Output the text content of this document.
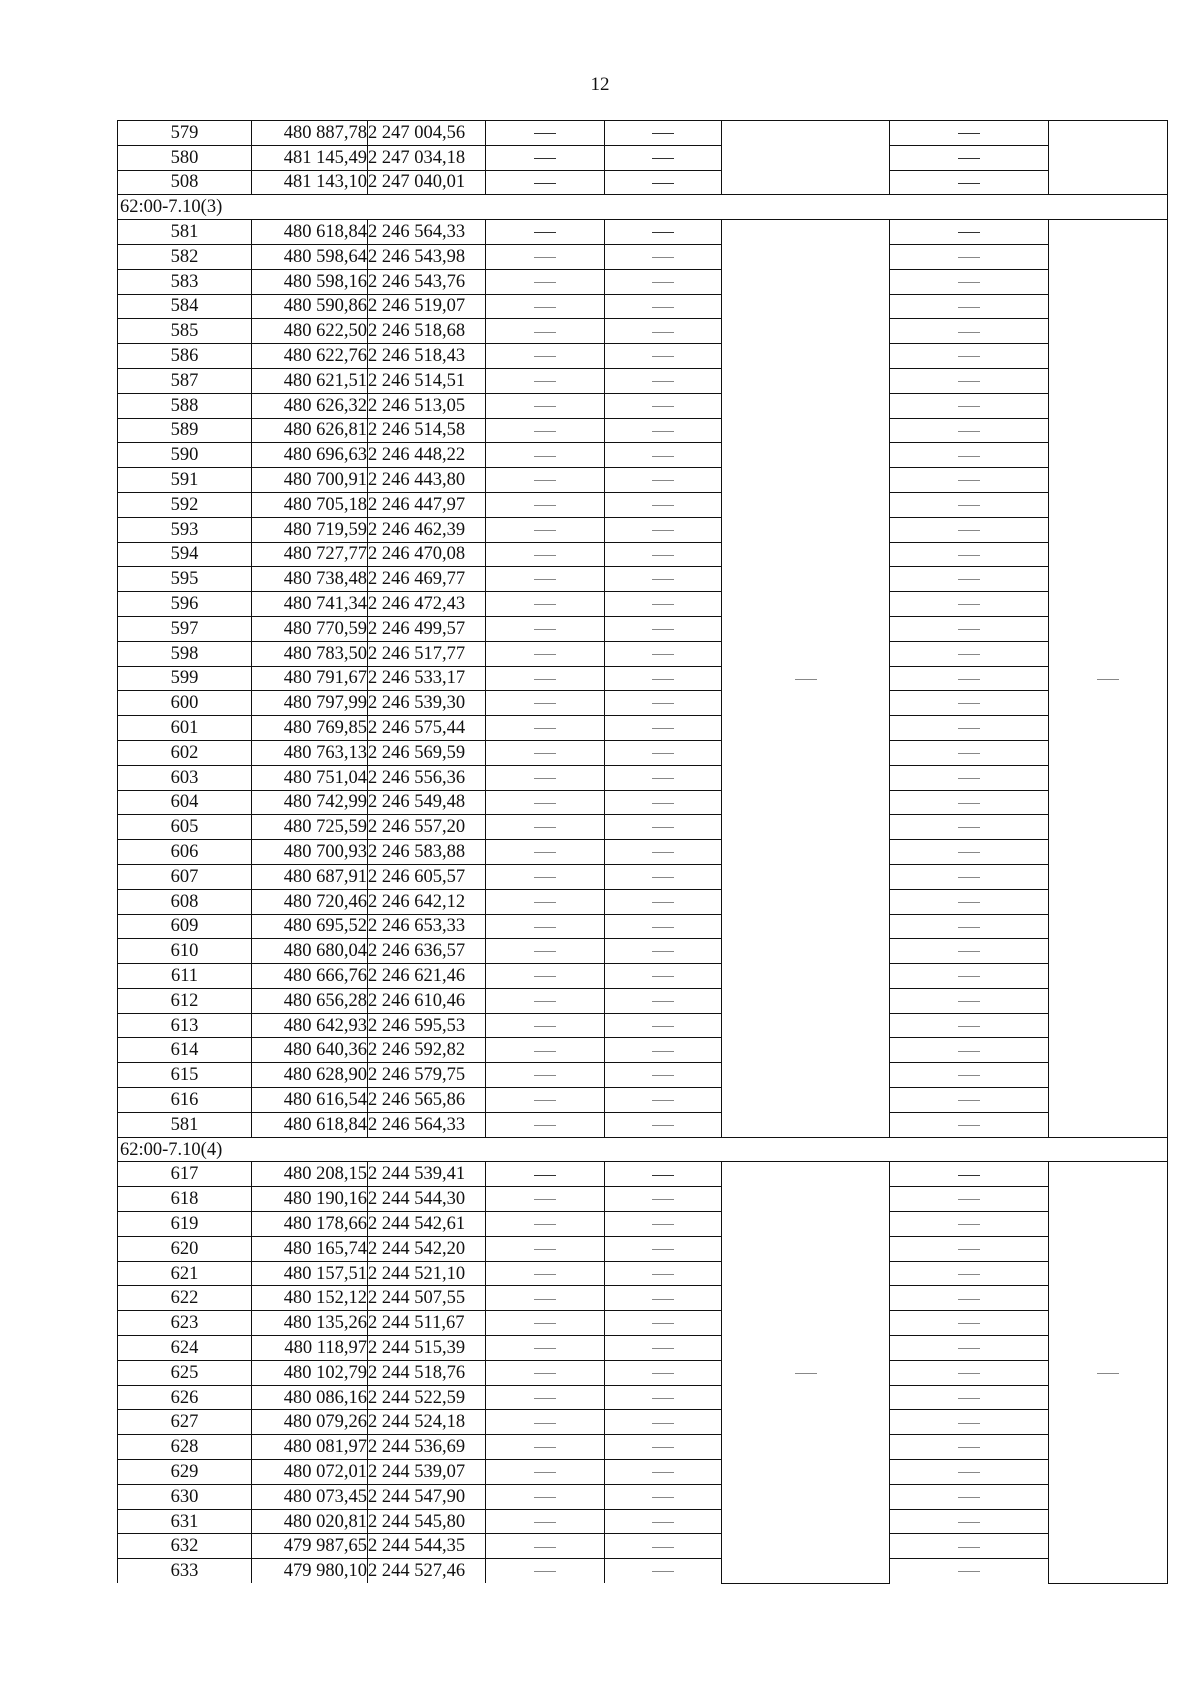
12
579	480 887,78	2 247 004,56					
580	481 145,49	2 247 034,18					
508	481 143,10	2 247 040,01					
62:00-7.10(3)							
581	480 618,84	2 246 564,33					
582	480 598,64	2 246 543,98					
583	480 598,16	2 246 543,76					
584	480 590,86	2 246 519,07					
585	480 622,50	2 246 518,68					
586	480 622,76	2 246 518,43					
587	480 621,51	2 246 514,51					
588	480 626,32	2 246 513,05					
589	480 626,81	2 246 514,58					
590	480 696,63	2 246 448,22					
591	480 700,91	2 246 443,80					
592	480 705,18	2 246 447,97					
593	480 719,59	2 246 462,39					
594	480 727,77	2 246 470,08					
595	480 738,48	2 246 469,77					
596	480 741,34	2 246 472,43					
597	480 770,59	2 246 499,57					
598	480 783,50	2 246 517,77					
599	480 791,67	2 246 533,17					
600	480 797,99	2 246 539,30					
601	480 769,85	2 246 575,44					
602	480 763,13	2 246 569,59					
603	480 751,04	2 246 556,36					
604	480 742,99	2 246 549,48					
605	480 725,59	2 246 557,20					
606	480 700,93	2 246 583,88					
607	480 687,91	2 246 605,57					
608	480 720,46	2 246 642,12					
609	480 695,52	2 246 653,33					
610	480 680,04	2 246 636,57					
611	480 666,76	2 246 621,46					
612	480 656,28	2 246 610,46					
613	480 642,93	2 246 595,53					
614	480 640,36	2 246 592,82					
615	480 628,90	2 246 579,75					
616	480 616,54	2 246 565,86					
581	480 618,84	2 246 564,33					
62:00-7.10(4)							
617	480 208,15	2 244 539,41					
618	480 190,16	2 244 544,30					
619	480 178,66	2 244 542,61					
620	480 165,74	2 244 542,20					
621	480 157,51	2 244 521,10					
622	480 152,12	2 244 507,55					
623	480 135,26	2 244 511,67					
624	480 118,97	2 244 515,39					
625	480 102,79	2 244 518,76					
626	480 086,16	2 244 522,59					
627	480 079,26	2 244 524,18					
628	480 081,97	2 244 536,69					
629	480 072,01	2 244 539,07					
630	480 073,45	2 244 547,90					
631	480 020,81	2 244 545,80					
632	479 987,65	2 244 544,35					
633	479 980,10	2 244 527,46					
